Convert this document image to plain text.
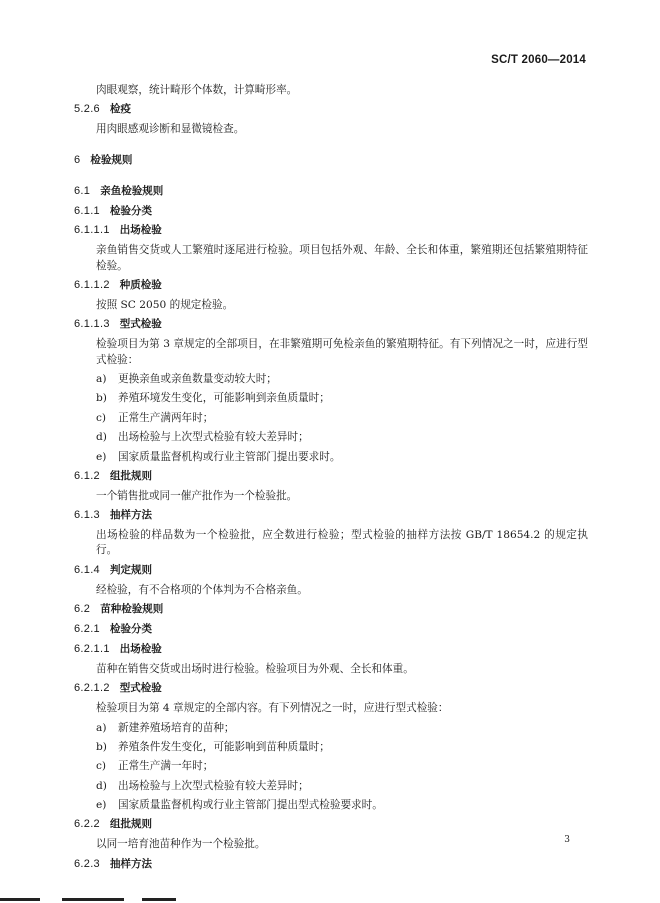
SC/T 2060—2014

肉眼观察，统计畸形个体数，计算畸形率。

5.2.6 检疫

用肉眼感观诊断和显微镜检查。

6 检验规则
6.1 亲鱼检验规则
6.1.1 检验分类
6.1.1.1 出场检验

亲鱼销售交货或人工繁殖时逐尾进行检验。项目包括外观、年龄、全长和体重，繁殖期还包括繁殖期特征检验。

6.1.1.2 种质检验

按照 SC 2050 的规定检验。

6.1.1.3 型式检验

检验项目为第 3 章规定的全部项目，在非繁殖期可免检亲鱼的繁殖期特征。有下列情况之一时，应进行型式检验：

a)	更换亲鱼或亲鱼数量变动较大时；
b)	养殖环境发生变化，可能影响到亲鱼质量时；
c)	正常生产满两年时；
d)	出场检验与上次型式检验有较大差异时；
e)	国家质量监督机构或行业主管部门提出要求时。
6.1.2 组批规则

一个销售批或同一催产批作为一个检验批。

6.1.3 抽样方法

出场检验的样品数为一个检验批，应全数进行检验；型式检验的抽样方法按 GB/T 18654.2 的规定执行。

6.1.4 判定规则

经检验，有不合格项的个体判为不合格亲鱼。

6.2 苗种检验规则
6.2.1 检验分类
6.2.1.1 出场检验

苗种在销售交货或出场时进行检验。检验项目为外观、全长和体重。

6.2.1.2 型式检验

检验项目为第 4 章规定的全部内容。有下列情况之一时，应进行型式检验：

a)	新建养殖场培育的苗种；
b)	养殖条件发生变化，可能影响到苗种质量时；
c)	正常生产满一年时；
d)	出场检验与上次型式检验有较大差异时；
e)	国家质量监督机构或行业主管部门提出型式检验要求时。
6.2.2 组批规则

以同一培育池苗种作为一个检验批。

6.2.3 抽样方法
3
